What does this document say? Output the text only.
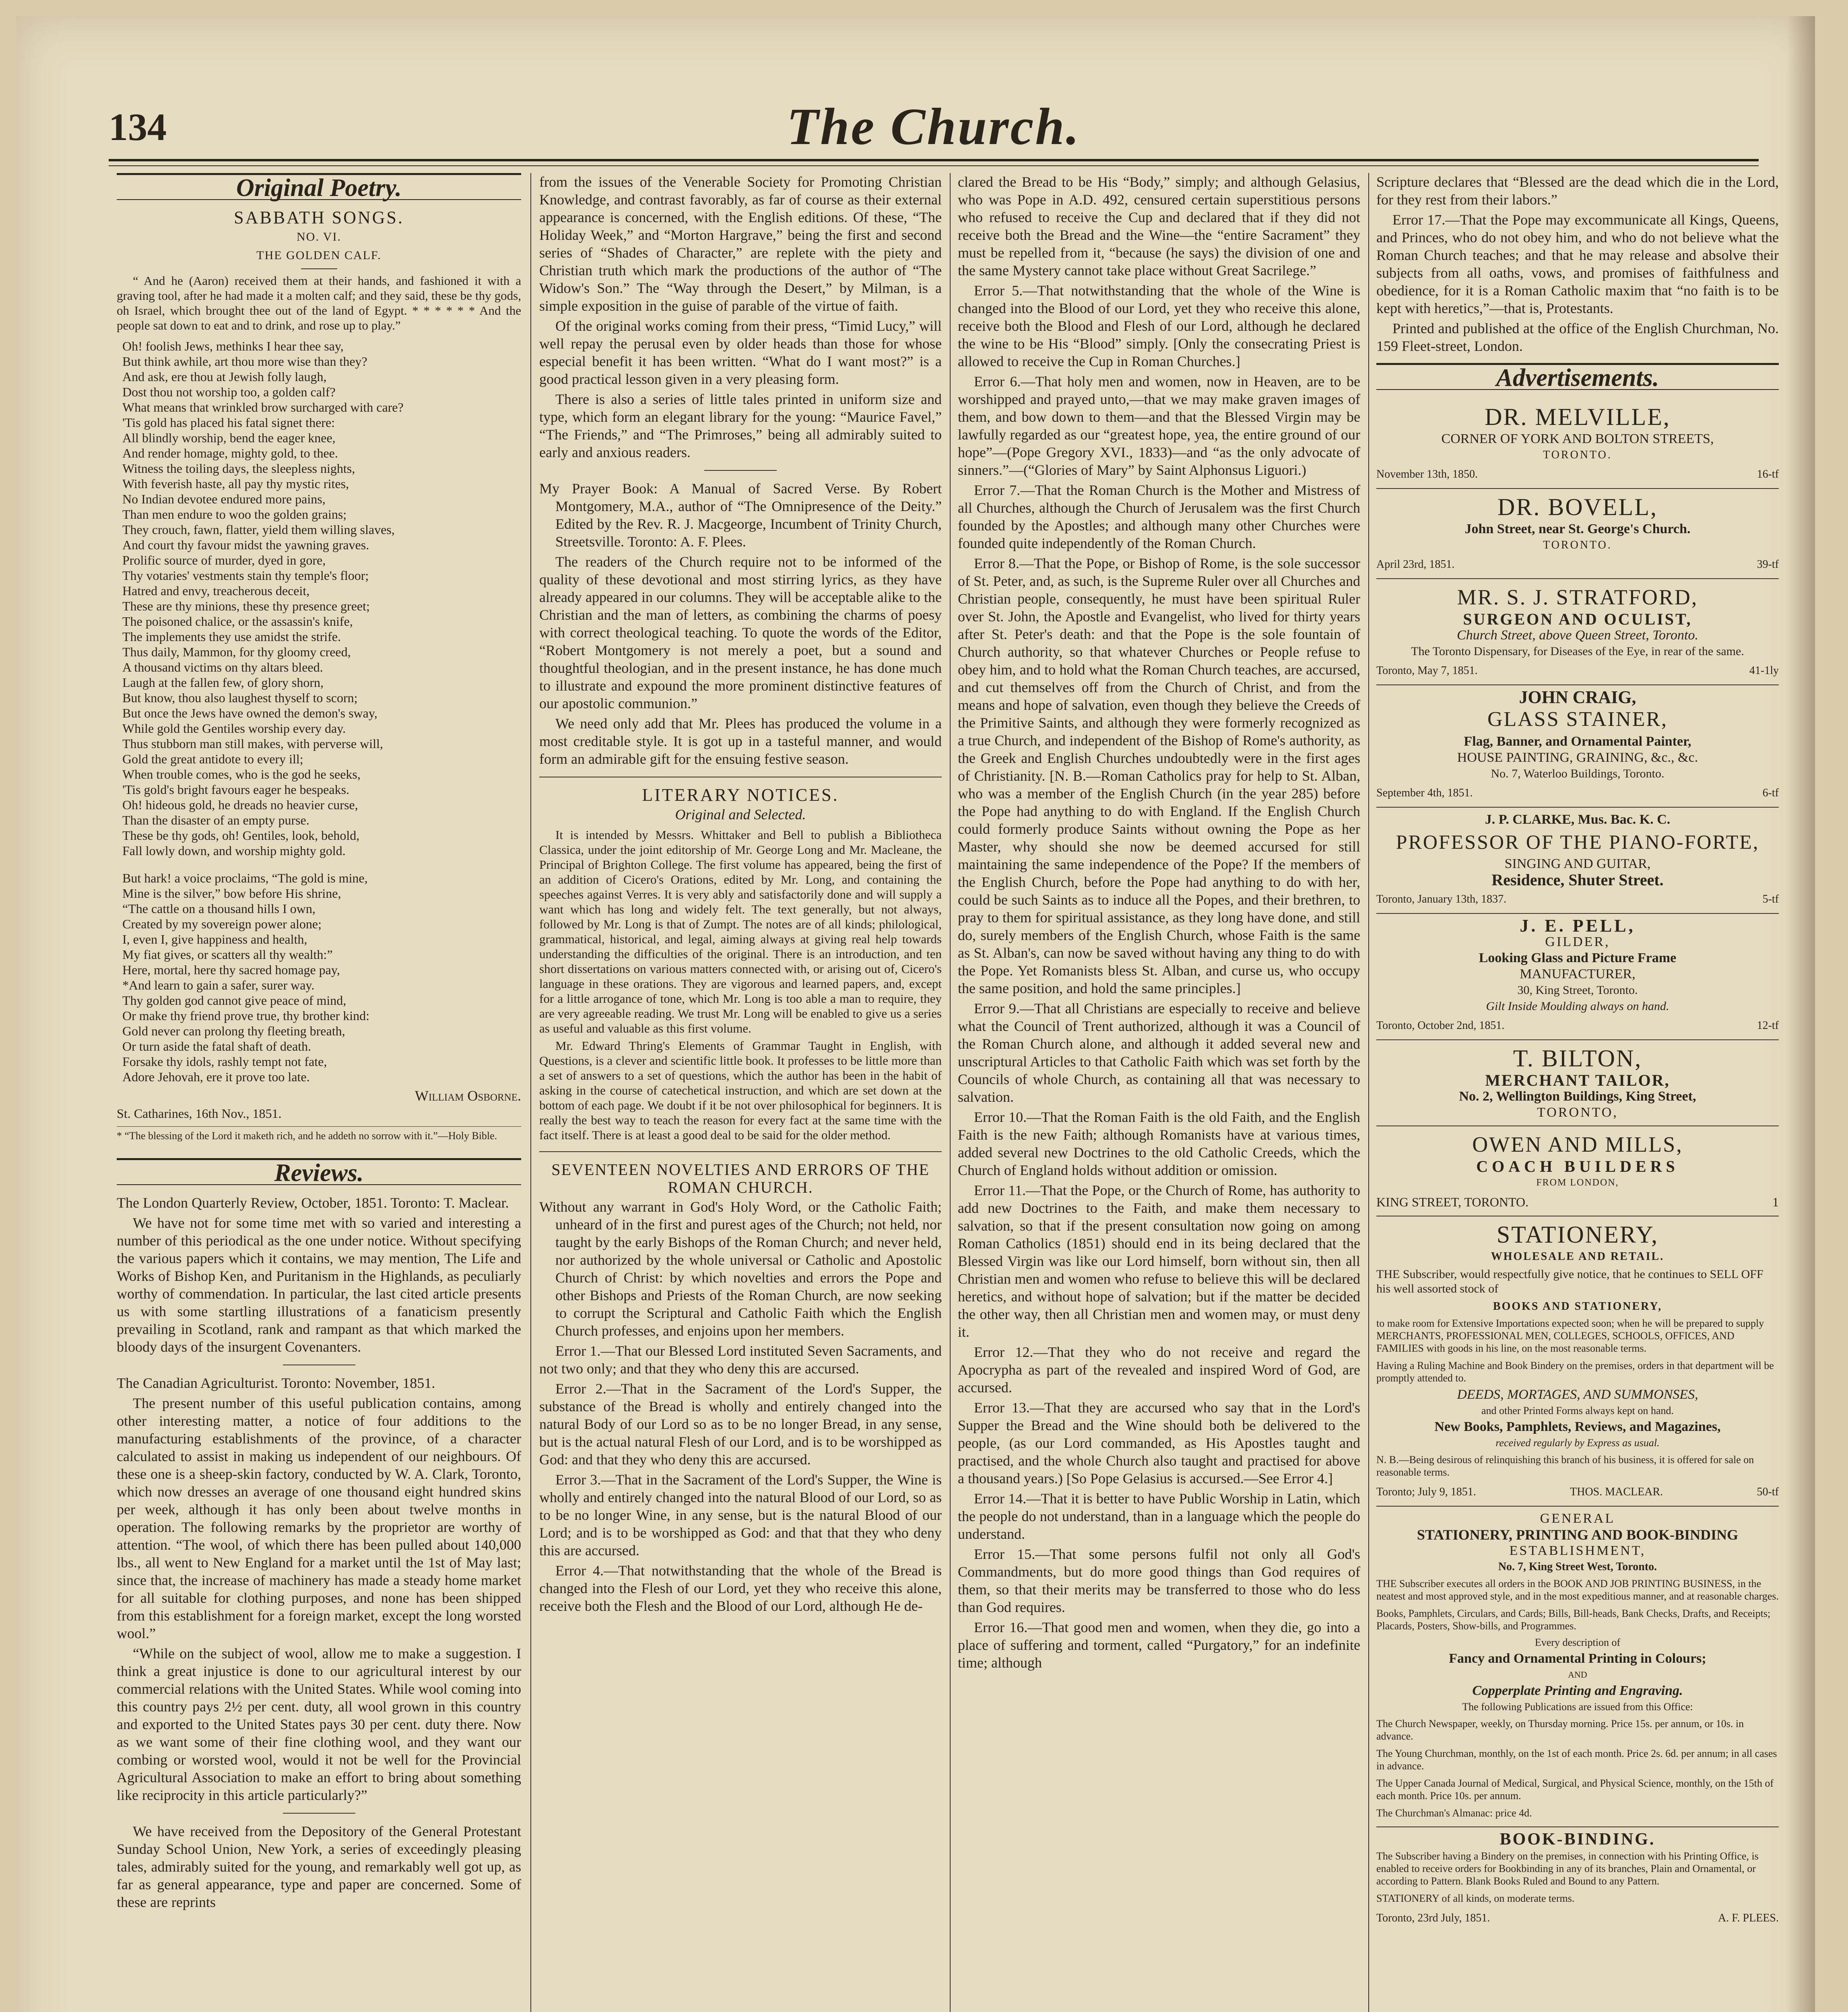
134	The Church.
Original Poetry.
SABBATH SONGS.
NO. VI.
THE GOLDEN CALF.

“ And he (Aaron) received them at their hands, and fashioned it with a graving tool, after he had made it a molten calf; and they said, these be thy gods, oh Israel, which brought thee out of the land of Egypt. * * * * * * And the people sat down to eat and to drink, and rose up to play.”

Oh! foolish Jews, methinks I hear thee say,
But think awhile, art thou more wise than they?
And ask, ere thou at Jewish folly laugh,
Dost thou not worship too, a golden calf?
What means that wrinkled brow surcharged with care?
'Tis gold has placed his fatal signet there:
All blindly worship, bend the eager knee,
And render homage, mighty gold, to thee.
Witness the toiling days, the sleepless nights,
With feverish haste, all pay thy mystic rites,
No Indian devotee endured more pains,
Than men endure to woo the golden grains;
They crouch, fawn, flatter, yield them willing slaves,
And court thy favour midst the yawning graves.
Prolific source of murder, dyed in gore,
Thy votaries' vestments stain thy temple's floor;
Hatred and envy, treacherous deceit,
These are thy minions, these thy presence greet;
The poisoned chalice, or the assassin's knife,
The implements they use amidst the strife.
Thus daily, Mammon, for thy gloomy creed,
A thousand victims on thy altars bleed.
Laugh at the fallen few, of glory shorn,
But know, thou also laughest thyself to scorn;
But once the Jews have owned the demon's sway,
While gold the Gentiles worship every day.
Thus stubborn man still makes, with perverse will,
Gold the great antidote to every ill;
When trouble comes, who is the god he seeks,
'Tis gold's bright favours eager he bespeaks.
Oh! hideous gold, he dreads no heavier curse,
Than the disaster of an empty purse.
These be thy gods, oh! Gentiles, look, behold,
Fall lowly down, and worship mighty gold.
But hark! a voice proclaims, “The gold is mine,
Mine is the silver,” bow before His shrine,
“The cattle on a thousand hills I own,
Created by my sovereign power alone;
I, even I, give happiness and health,
My fiat gives, or scatters all thy wealth:”
Here, mortal, here thy sacred homage pay,
*And learn to gain a safer, surer way.
Thy golden god cannot give peace of mind,
Or make thy friend prove true, thy brother kind:
Gold never can prolong thy fleeting breath,
Or turn aside the fatal shaft of death.
Forsake thy idols, rashly tempt not fate,
Adore Jehovah, ere it prove too late.
William Osborne.
St. Catharines, 16th Nov., 1851.
* “The blessing of the Lord it maketh rich, and he addeth no sorrow with it.”—Holy Bible.
Reviews.

The London Quarterly Review, October, 1851. Toronto: T. Maclear.

We have not for some time met with so varied and interesting a number of this periodical as the one under notice. Without specifying the various papers which it contains, we may mention, The Life and Works of Bishop Ken, and Puritanism in the Highlands, as peculiarly worthy of commendation. In particular, the last cited article presents us with some startling illustrations of a fanaticism presently prevailing in Scotland, rank and rampant as that which marked the bloody days of the insurgent Covenanters.

The Canadian Agriculturist. Toronto: November, 1851.

The present number of this useful publication contains, among other interesting matter, a notice of four additions to the manufacturing establishments of the province, of a character calculated to assist in making us independent of our neighbours. Of these one is a sheep-skin factory, conducted by W. A. Clark, Toronto, which now dresses an average of one thousand eight hundred skins per week, although it has only been about twelve months in operation. The following remarks by the proprietor are worthy of attention. “The wool, of which there has been pulled about 140,000 lbs., all went to New England for a market until the 1st of May last; since that, the increase of machinery has made a steady home market for all suitable for clothing purposes, and none has been shipped from this establishment for a foreign market, except the long worsted wool.”

“While on the subject of wool, allow me to make a suggestion. I think a great injustice is done to our agricultural interest by our commercial relations with the United States. While wool coming into this country pays 2½ per cent. duty, all wool grown in this country and exported to the United States pays 30 per cent. duty there. Now as we want some of their fine clothing wool, and they want our combing or worsted wool, would it not be well for the Provincial Agricultural Association to make an effort to bring about something like reciprocity in this article particularly?”

We have received from the Depository of the General Protestant Sunday School Union, New York, a series of exceedingly pleasing tales, admirably suited for the young, and remarkably well got up, as far as general appearance, type and paper are concerned. Some of these are reprints

from the issues of the Venerable Society for Promoting Christian Knowledge, and contrast favorably, as far of course as their external appearance is concerned, with the English editions. Of these, “The Holiday Week,” and “Morton Hargrave,” being the first and second series of “Shades of Character,” are replete with the piety and Christian truth which mark the productions of the author of “The Widow's Son.” The “Way through the Desert,” by Milman, is a simple exposition in the guise of parable of the virtue of faith.

Of the original works coming from their press, “Timid Lucy,” will well repay the perusal even by older heads than those for whose especial benefit it has been written. “What do I want most?” is a good practical lesson given in a very pleasing form.

There is also a series of little tales printed in uniform size and type, which form an elegant library for the young: “Maurice Favel,” “The Friends,” and “The Primroses,” being all admirably suited to early and anxious readers.

My Prayer Book: A Manual of Sacred Verse. By Robert Montgomery, M.A., author of “The Omnipresence of the Deity.” Edited by the Rev. R. J. Macgeorge, Incumbent of Trinity Church, Streetsville. Toronto: A. F. Plees.

The readers of the Church require not to be informed of the quality of these devotional and most stirring lyrics, as they have already appeared in our columns. They will be acceptable alike to the Christian and the man of letters, as combining the charms of poesy with correct theological teaching. To quote the words of the Editor, “Robert Montgomery is not merely a poet, but a sound and thoughtful theologian, and in the present instance, he has done much to illustrate and expound the more prominent distinctive features of our apostolic communion.”

We need only add that Mr. Plees has produced the volume in a most creditable style. It is got up in a tasteful manner, and would form an admirable gift for the ensuing festive season.

LITERARY NOTICES.
Original and Selected.

It is intended by Messrs. Whittaker and Bell to publish a Bibliotheca Classica, under the joint editorship of Mr. George Long and Mr. Macleane, the Principal of Brighton College. The first volume has appeared, being the first of an addition of Cicero's Orations, edited by Mr. Long, and containing the speeches against Verres. It is very ably and satisfactorily done and will supply a want which has long and widely felt. The text generally, but not always, followed by Mr. Long is that of Zumpt. The notes are of all kinds; philological, grammatical, historical, and legal, aiming always at giving real help towards understanding the difficulties of the original. There is an introduction, and ten short dissertations on various matters connected with, or arising out of, Cicero's language in these orations. They are vigorous and learned papers, and, except for a little arrogance of tone, which Mr. Long is too able a man to require, they are very agreeable reading. We trust Mr. Long will be enabled to give us a series as useful and valuable as this first volume.

Mr. Edward Thring's Elements of Grammar Taught in English, with Questions, is a clever and scientific little book. It professes to be little more than a set of answers to a set of questions, which the author has been in the habit of asking in the course of catechetical instruction, and which are set down at the bottom of each page. We doubt if it be not over philosophical for beginners. It is really the best way to teach the reason for every fact at the same time with the fact itself. There is at least a good deal to be said for the older method.

SEVENTEEN NOVELTIES AND ERRORS OF THE ROMAN CHURCH.

Without any warrant in God's Holy Word, or the Catholic Faith; unheard of in the first and purest ages of the Church; not held, nor taught by the early Bishops of the Roman Church; and never held, nor authorized by the whole universal or Catholic and Apostolic Church of Christ: by which novelties and errors the Pope and other Bishops and Priests of the Roman Church, are now seeking to corrupt the Scriptural and Catholic Faith which the English Church professes, and enjoins upon her members.

Error 1.—That our Blessed Lord instituted Seven Sacraments, and not two only; and that they who deny this are accursed.

Error 2.—That in the Sacrament of the Lord's Supper, the substance of the Bread is wholly and entirely changed into the natural Body of our Lord so as to be no longer Bread, in any sense, but is the actual natural Flesh of our Lord, and is to be worshipped as God: and that they who deny this are accursed.

Error 3.—That in the Sacrament of the Lord's Supper, the Wine is wholly and entirely changed into the natural Blood of our Lord, so as to be no longer Wine, in any sense, but is the natural Blood of our Lord; and is to be worshipped as God: and that that they who deny this are accursed.

Error 4.—That notwithstanding that the whole of the Bread is changed into the Flesh of our Lord, yet they who receive this alone, receive both the Flesh and the Blood of our Lord, although He de-

clared the Bread to be His “Body,” simply; and although Gelasius, who was Pope in A.D. 492, censured certain superstitious persons who refused to receive the Cup and declared that if they did not receive both the Bread and the Wine—the “entire Sacrament” they must be repelled from it, “because (he says) the division of one and the same Mystery cannot take place without Great Sacrilege.”

Error 5.—That notwithstanding that the whole of the Wine is changed into the Blood of our Lord, yet they who receive this alone, receive both the Blood and Flesh of our Lord, although he declared the wine to be His “Blood” simply. [Only the consecrating Priest is allowed to receive the Cup in Roman Churches.]

Error 6.—That holy men and women, now in Heaven, are to be worshipped and prayed unto,—that we may make graven images of them, and bow down to them—and that the Blessed Virgin may be lawfully regarded as our “greatest hope, yea, the entire ground of our hope”—(Pope Gregory XVI., 1833)—and “as the only advocate of sinners.”—(“Glories of Mary” by Saint Alphonsus Liguori.)

Error 7.—That the Roman Church is the Mother and Mistress of all Churches, although the Church of Jerusalem was the first Church founded by the Apostles; and although many other Churches were founded quite independently of the Roman Church.

Error 8.—That the Pope, or Bishop of Rome, is the sole successor of St. Peter, and, as such, is the Supreme Ruler over all Churches and Christian people, consequently, he must have been spiritual Ruler over St. John, the Apostle and Evangelist, who lived for thirty years after St. Peter's death: and that the Pope is the sole fountain of Church authority, so that whatever Churches or People refuse to obey him, and to hold what the Roman Church teaches, are accursed, and cut themselves off from the Church of Christ, and from the means and hope of salvation, even though they believe the Creeds of the Primitive Saints, and although they were formerly recognized as a true Church, and independent of the Bishop of Rome's authority, as the Greek and English Churches undoubtedly were in the first ages of Christianity. [N. B.—Roman Catholics pray for help to St. Alban, who was a member of the English Church (in the year 285) before the Pope had anything to do with England. If the English Church could formerly produce Saints without owning the Pope as her Master, why should she now be deemed accursed for still maintaining the same independence of the Pope? If the members of the English Church, before the Pope had anything to do with her, could be such Saints as to induce all the Popes, and their brethren, to pray to them for spiritual assistance, as they long have done, and still do, surely members of the English Church, whose Faith is the same as St. Alban's, can now be saved without having any thing to do with the Pope. Yet Romanists bless St. Alban, and curse us, who occupy the same position, and hold the same principles.]

Error 9.—That all Christians are especially to receive and believe what the Council of Trent authorized, although it was a Council of the Roman Church alone, and although it added several new and unscriptural Articles to that Catholic Faith which was set forth by the Councils of whole Church, as containing all that was necessary to salvation.

Error 10.—That the Roman Faith is the old Faith, and the English Faith is the new Faith; although Romanists have at various times, added several new Doctrines to the old Catholic Creeds, which the Church of England holds without addition or omission.

Error 11.—That the Pope, or the Church of Rome, has authority to add new Doctrines to the Faith, and make them necessary to salvation, so that if the present consultation now going on among Roman Catholics (1851) should end in its being declared that the Blessed Virgin was like our Lord himself, born without sin, then all Christian men and women who refuse to believe this will be declared heretics, and without hope of salvation; but if the matter be decided the other way, then all Christian men and women may, or must deny it.

Error 12.—That they who do not receive and regard the Apocrypha as part of the revealed and inspired Word of God, are accursed.

Error 13.—That they are accursed who say that in the Lord's Supper the Bread and the Wine should both be delivered to the people, (as our Lord commanded, as His Apostles taught and practised, and the whole Church also taught and practised for above a thousand years.) [So Pope Gelasius is accursed.—See Error 4.]

Error 14.—That it is better to have Public Worship in Latin, which the people do not understand, than in a language which the people do understand.

Error 15.—That some persons fulfil not only all God's Commandments, but do more good things than God requires of them, so that their merits may be transferred to those who do less than God requires.

Error 16.—That good men and women, when they die, go into a place of suffering and torment, called “Purgatory,” for an indefinite time; although

Scripture declares that “Blessed are the dead which die in the Lord, for they rest from their labors.”

Error 17.—That the Pope may excommunicate all Kings, Queens, and Princes, who do not obey him, and who do not believe what the Roman Church teaches; and that he may release and absolve their subjects from all oaths, vows, and promises of faithfulness and obedience, for it is a Roman Catholic maxim that “no faith is to be kept with heretics,”—that is, Protestants.

Printed and published at the office of the English Churchman, No. 159 Fleet-street, London.

Advertisements.
DR. MELVILLE,
CORNER OF YORK AND BOLTON STREETS,
TORONTO.
November 13th, 1850.	16-tf
DR. BOVELL,
John Street, near St. George's Church.
TORONTO.
April 23rd, 1851.	39-tf
MR. S. J. STRATFORD,
SURGEON AND OCULIST,
Church Street, above Queen Street, Toronto.
The Toronto Dispensary, for Diseases of the Eye, in rear of the same.
Toronto, May 7, 1851.	41-1ly
JOHN CRAIG,
GLASS STAINER,
Flag, Banner, and Ornamental Painter,
HOUSE PAINTING, GRAINING, &c., &c.
No. 7, Waterloo Buildings, Toronto.
September 4th, 1851.	6-tf
J. P. CLARKE, Mus. Bac. K. C.
PROFESSOR OF THE PIANO-FORTE,
SINGING AND GUITAR,
Residence, Shuter Street.
Toronto, January 13th, 1837.	5-tf
J. E. PELL,
GILDER,
Looking Glass and Picture Frame
MANUFACTURER,
30, King Street, Toronto.
Gilt Inside Moulding always on hand.
Toronto, October 2nd, 1851.	12-tf
T. BILTON,
MERCHANT TAILOR,
No. 2, Wellington Buildings, King Street,
TORONTO,
OWEN AND MILLS,
COACH BUILDERS
FROM LONDON,
KING STREET, TORONTO.	1
STATIONERY,
WHOLESALE AND RETAIL.
THE Subscriber, would respectfully give notice, that he continues to SELL OFF his well assorted stock of
BOOKS AND STATIONERY,
to make room for Extensive Importations expected soon; when he will be prepared to supply MERCHANTS, PROFESSIONAL MEN, COLLEGES, SCHOOLS, OFFICES, AND FAMILIES with goods in his line, on the most reasonable terms.
Having a Ruling Machine and Book Bindery on the premises, orders in that department will be promptly attended to.
DEEDS, MORTAGES, AND SUMMONSES,
and other Printed Forms always kept on hand.
New Books, Pamphlets, Reviews, and Magazines,
received regularly by Express as usual.
N. B.—Being desirous of relinquishing this branch of his business, it is offered for sale on reasonable terms.
Toronto; July 9, 1851.	THOS. MACLEAR.	50-tf
GENERAL
STATIONERY, PRINTING AND BOOK-BINDING
ESTABLISHMENT,
No. 7, King Street West, Toronto.
THE Subscriber executes all orders in the BOOK AND JOB PRINTING BUSINESS, in the neatest and most approved style, and in the most expeditious manner, and at reasonable charges.
Books, Pamphlets, Circulars, and Cards; Bills, Bill-heads, Bank Checks, Drafts, and Receipts; Placards, Posters, Show-bills, and Programmes.
Every description of
Fancy and Ornamental Printing in Colours;
AND
Copperplate Printing and Engraving.
The following Publications are issued from this Office:
The Church Newspaper, weekly, on Thursday morning. Price 15s. per annum, or 10s. in advance.
The Young Churchman, monthly, on the 1st of each month. Price 2s. 6d. per annum; in all cases in advance.
The Upper Canada Journal of Medical, Surgical, and Physical Science, monthly, on the 15th of each month. Price 10s. per annum.
The Churchman's Almanac: price 4d.
BOOK-BINDING.
The Subscriber having a Bindery on the premises, in connection with his Printing Office, is enabled to receive orders for Bookbinding in any of its branches, Plain and Ornamental, or according to Pattern. Blank Books Ruled and Bound to any Pattern.
STATIONERY of all kinds, on moderate terms.
Toronto, 23rd July, 1851.	A. F. PLEES.
